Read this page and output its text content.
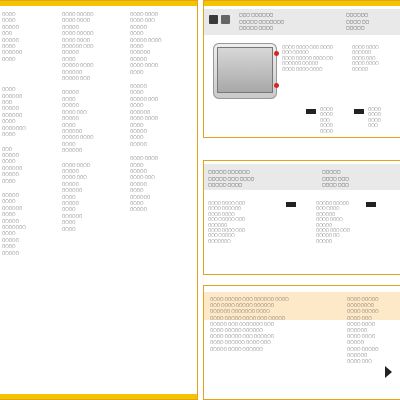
▢▢▢▢
▢▢▢▢
▢▢▢▢▢
▢▢▢
▢▢▢▢▢
▢▢▢▢
▢▢▢▢▢▢
▢▢▢▢
▢▢▢▢
▢▢▢▢▢▢
▢▢▢
▢▢▢▢▢
▢▢▢▢▢▢
▢▢▢▢
▢▢▢▢▢▢▢
▢▢▢▢
▢▢▢
▢▢▢▢▢
▢▢▢▢
▢▢▢▢▢▢
▢▢▢▢▢
▢▢▢▢
▢▢▢▢▢
▢▢▢▢
▢▢▢▢▢▢
▢▢▢▢
▢▢▢▢▢
▢▢▢▢▢▢▢
▢▢▢▢
▢▢▢▢▢
▢▢▢▢
▢▢▢▢▢
▢▢▢▢ ▢▢▢▢▢
▢▢▢▢ ▢▢▢▢
▢▢▢▢▢
▢▢▢▢ ▢▢▢▢▢
▢▢▢▢ ▢▢▢▢
▢▢▢▢▢▢ ▢▢▢
▢▢▢▢▢
▢▢▢▢
▢▢▢▢▢ ▢▢▢▢
▢▢▢▢▢▢
▢▢▢▢▢ ▢▢▢
▢▢▢▢▢
▢▢▢▢
▢▢▢▢▢
▢▢▢▢ ▢▢▢
▢▢▢▢▢
▢▢▢▢
▢▢▢▢▢▢
▢▢▢▢▢ ▢▢▢▢
▢▢▢▢
▢▢▢▢▢▢
▢▢▢▢ ▢▢▢▢
▢▢▢▢▢
▢▢▢▢ ▢▢▢
▢▢▢▢▢
▢▢▢▢▢▢
▢▢▢▢
▢▢▢▢▢
▢▢▢▢
▢▢▢▢▢▢
▢▢▢▢
▢▢▢▢
▢▢▢▢ ▢▢▢▢
▢▢▢▢ ▢▢▢
▢▢▢▢▢
▢▢▢▢
▢▢▢▢▢ ▢▢▢▢
▢▢▢▢
▢▢▢▢▢▢
▢▢▢▢▢
▢▢▢▢ ▢▢▢▢
▢▢▢▢
▢▢▢▢▢
▢▢▢▢
▢▢▢▢▢ ▢▢▢
▢▢▢▢
▢▢▢▢▢▢
▢▢▢▢ ▢▢▢▢
▢▢▢▢
▢▢▢▢▢
▢▢▢▢
▢▢▢▢▢
▢▢▢▢ ▢▢▢▢
▢▢▢▢
▢▢▢▢▢
▢▢▢▢ ▢▢▢
▢▢▢▢▢
▢▢▢▢
▢▢▢▢▢▢
▢▢▢▢
▢▢▢▢▢
▢▢▢ ▢▢▢▢▢▢
▢▢▢▢▢ ▢▢▢▢▢▢▢
▢▢▢▢▢ ▢▢▢▢
▢▢▢▢▢▢
▢▢▢▢ ▢▢
▢▢▢▢▢
▢▢▢▢ ▢▢▢▢ ▢▢▢ ▢▢▢▢
▢▢▢ ▢▢▢▢▢
▢▢▢▢ ▢▢▢▢▢ ▢▢▢▢ ▢▢
▢▢▢▢▢▢ ▢▢▢▢▢
▢▢▢▢ ▢▢▢▢ ▢▢▢▢
▢▢▢▢ ▢▢▢▢
▢▢▢▢▢▢
▢▢▢▢ ▢▢▢
▢▢▢▢ ▢▢▢▢
▢▢▢▢▢
▢▢▢▢
▢▢▢▢
▢▢▢
▢▢▢▢
▢▢▢▢
▢▢▢▢
▢▢▢▢
▢▢▢▢
▢▢▢
▢▢▢▢▢ ▢▢▢▢▢▢
▢▢▢▢▢ ▢▢▢ ▢▢▢▢
▢▢▢▢▢ ▢▢▢▢
▢▢▢▢▢
▢▢▢▢ ▢▢▢
▢▢▢▢ ▢▢▢
▢▢▢▢ ▢▢▢▢ ▢▢▢
▢▢▢▢ ▢▢▢▢▢▢
▢▢▢▢ ▢▢▢▢
▢▢▢ ▢▢▢▢▢ ▢▢▢
▢▢▢▢▢▢
▢▢▢▢ ▢▢▢▢ ▢▢▢
▢▢▢ ▢▢▢▢▢
▢▢▢▢▢▢▢
▢▢▢▢▢ ▢▢▢▢▢
▢▢▢ ▢▢▢▢
▢▢▢▢▢▢
▢▢▢▢ ▢▢▢▢
▢▢▢▢▢
▢▢▢▢ ▢▢▢ ▢▢▢
▢▢▢▢▢ ▢▢
▢▢▢▢▢
▢▢▢▢ ▢▢▢▢▢ ▢▢▢ ▢▢▢▢▢▢ ▢▢▢▢
▢▢▢ ▢▢▢▢ ▢▢▢▢▢ ▢▢▢▢▢▢
▢▢▢▢▢▢ ▢▢▢▢▢▢▢ ▢▢▢▢
▢▢▢▢ ▢▢▢▢▢ ▢▢▢▢ ▢▢▢ ▢▢▢▢▢
▢▢▢▢▢ ▢▢▢ ▢▢▢▢▢▢▢ ▢▢▢
▢▢▢▢ ▢▢▢▢▢ ▢▢▢▢▢▢
▢▢▢▢ ▢▢▢▢▢ ▢▢▢ ▢▢▢▢▢▢
▢▢▢▢ ▢▢▢▢▢▢ ▢▢▢▢ ▢▢▢
▢▢▢▢▢ ▢▢▢▢ ▢▢▢▢▢▢
▢▢▢▢ ▢▢▢▢▢
▢▢▢▢▢▢▢▢
▢▢▢▢ ▢▢▢▢▢
▢▢▢▢ ▢▢▢
▢▢▢▢ ▢▢▢▢
▢▢▢▢▢▢
▢▢▢▢ ▢▢▢▢
▢▢▢▢▢
▢▢▢▢ ▢▢▢▢▢
▢▢▢▢▢▢
▢▢▢▢ ▢▢▢
